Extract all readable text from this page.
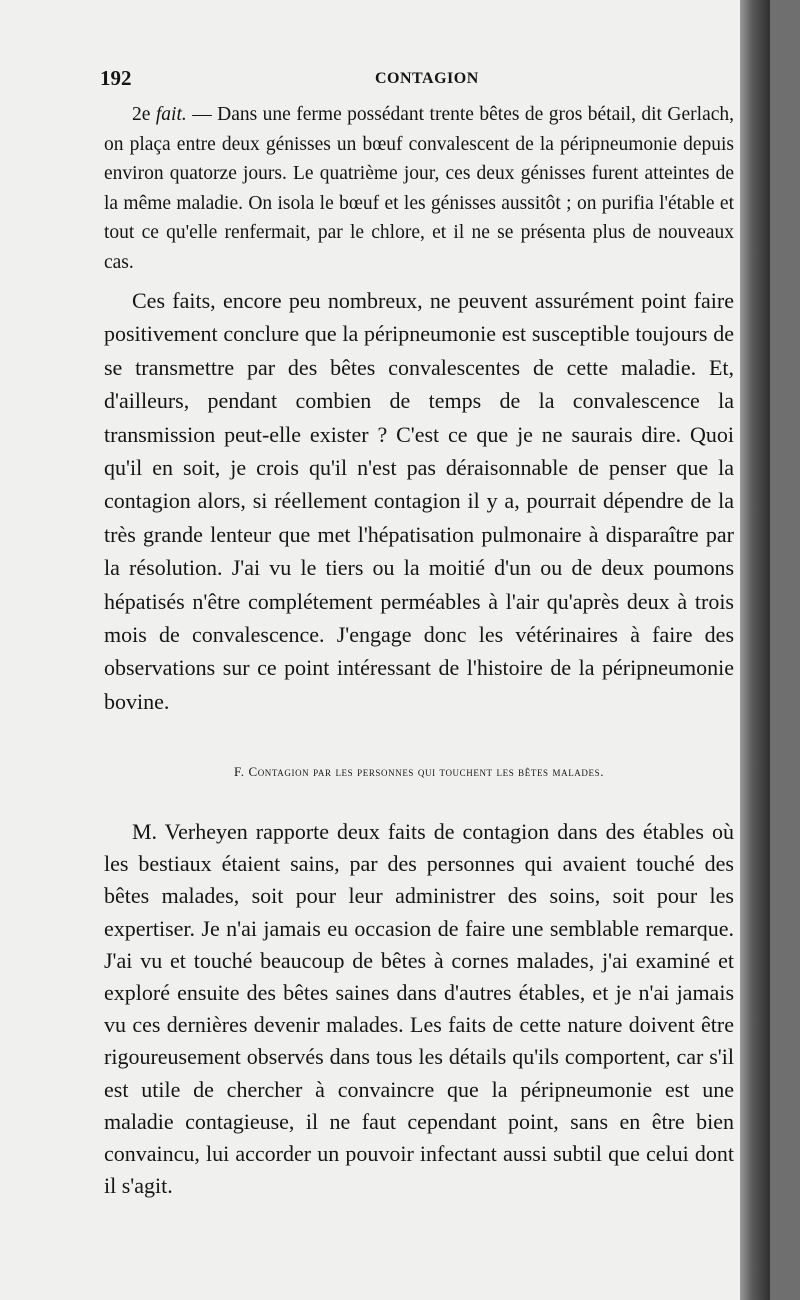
192	CONTAGION

2e fait. — Dans une ferme possédant trente bêtes de gros bétail, dit Gerlach, on plaça entre deux génisses un bœuf convalescent de la péripneumonie depuis environ quatorze jours. Le quatrième jour, ces deux génisses furent atteintes de la même maladie. On isola le bœuf et les génisses aussitôt ; on purifia l'étable et tout ce qu'elle renfermait, par le chlore, et il ne se présenta plus de nouveaux cas.

Ces faits, encore peu nombreux, ne peuvent assurément point faire positivement conclure que la péripneumonie est susceptible toujours de se transmettre par des bêtes convalescentes de cette maladie. Et, d'ailleurs, pendant combien de temps de la convalescence la transmission peut-elle exister ? C'est ce que je ne saurais dire. Quoi qu'il en soit, je crois qu'il n'est pas déraisonnable de penser que la contagion alors, si réellement contagion il y a, pourrait dépendre de la très grande lenteur que met l'hépatisation pulmonaire à disparaître par la résolution. J'ai vu le tiers ou la moitié d'un ou de deux poumons hépatisés n'être complétement perméables à l'air qu'après deux à trois mois de convalescence. J'engage donc les vétérinaires à faire des observations sur ce point intéressant de l'histoire de la péripneumonie bovine.

F. Contagion par les personnes qui touchent les bêtes malades.

M. Verheyen rapporte deux faits de contagion dans des étables où les bestiaux étaient sains, par des personnes qui avaient touché des bêtes malades, soit pour leur administrer des soins, soit pour les expertiser. Je n'ai jamais eu occasion de faire une semblable remarque. J'ai vu et touché beaucoup de bêtes à cornes malades, j'ai examiné et exploré ensuite des bêtes saines dans d'autres étables, et je n'ai jamais vu ces dernières devenir malades. Les faits de cette nature doivent être rigoureusement observés dans tous les détails qu'ils comportent, car s'il est utile de chercher à convaincre que la péripneumonie est une maladie contagieuse, il ne faut cependant point, sans en être bien convaincu, lui accorder un pouvoir infectant aussi subtil que celui dont il s'agit.
